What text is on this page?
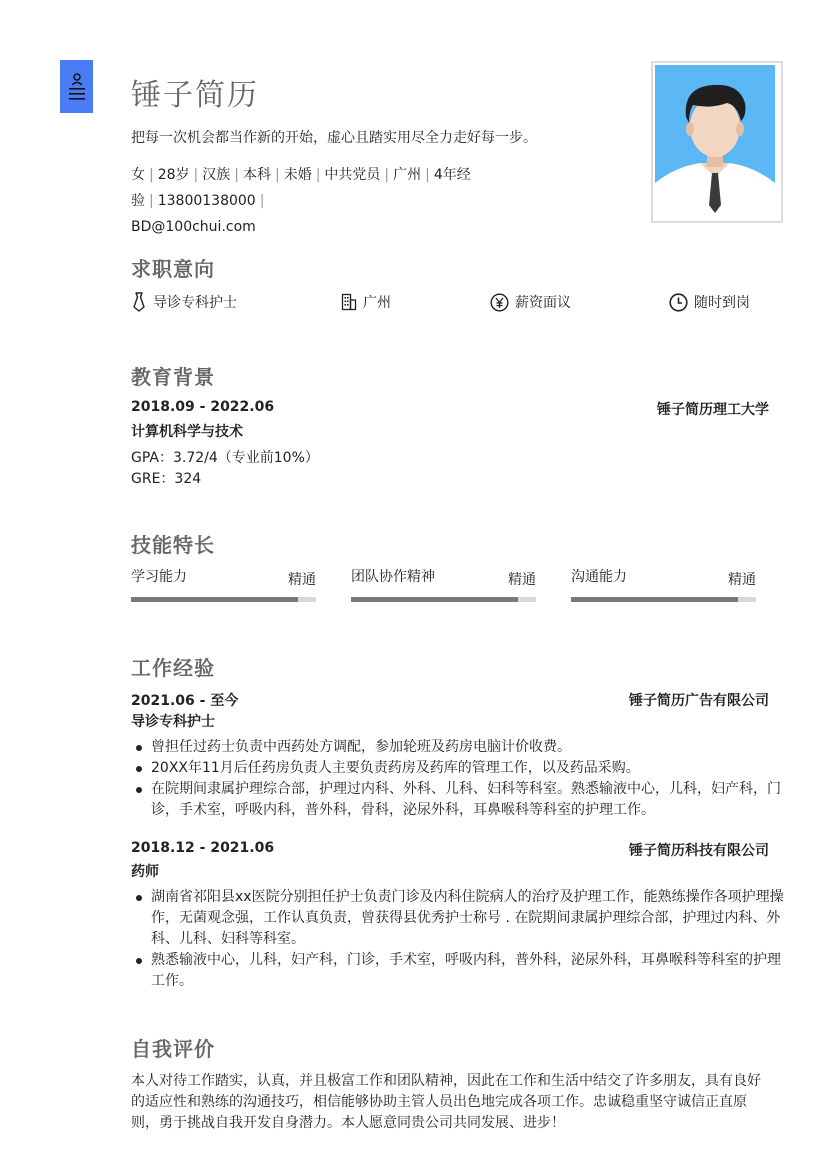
锤子简历
把每一次机会都当作新的开始，虚心且踏实用尽全力走好每一步。
女 | 28岁 | 汉族 | 本科 | 未婚 | 中共党员 | 广州 | 4年经验 | 13800138000 |
BD@100chui.com
求职意向
导诊专科护士	广州	薪资面议	随时到岗
教育背景
2018.09 - 2022.06	锤子简历理工大学
计算机科学与技术
GPA：3.72/4（专业前10%）
GRE：324
技能特长
学习能力	精通	团队协作精神	精通	沟通能力	精通
工作经验
2021.06 - 至今	锤子简历广告有限公司
导诊专科护士
曾担任过药士负责中西药处方调配，参加轮班及药房电脑计价收费。
20XX年11月后任药房负责人主要负责药房及药库的管理工作，以及药品采购。
在院期间隶属护理综合部，护理过内科、外科、儿科、妇科等科室。熟悉输液中心，儿科，妇产科，门诊，手术室，呼吸内科，普外科，骨科，泌尿外科，耳鼻喉科等科室的护理工作。
2018.12 - 2021.06	锤子简历科技有限公司
药师
湖南省祁阳县xx医院分别担任护士负责门诊及内科住院病人的治疗及护理工作，能熟练操作各项护理操作，无菌观念强，工作认真负责，曾获得县优秀护士称号 . 在院期间隶属护理综合部，护理过内科、外科、儿科、妇科等科室。
熟悉输液中心，儿科，妇产科，门诊，手术室，呼吸内科，普外科，泌尿外科，耳鼻喉科等科室的护理工作。
自我评价
本人对待工作踏实，认真，并且极富工作和团队精神，因此在工作和生活中结交了许多朋友，具有良好的适应性和熟练的沟通技巧，相信能够协助主管人员出色地完成各项工作。忠诚稳重坚守诚信正直原则，勇于挑战自我开发自身潜力。本人愿意同贵公司共同发展、进步！
